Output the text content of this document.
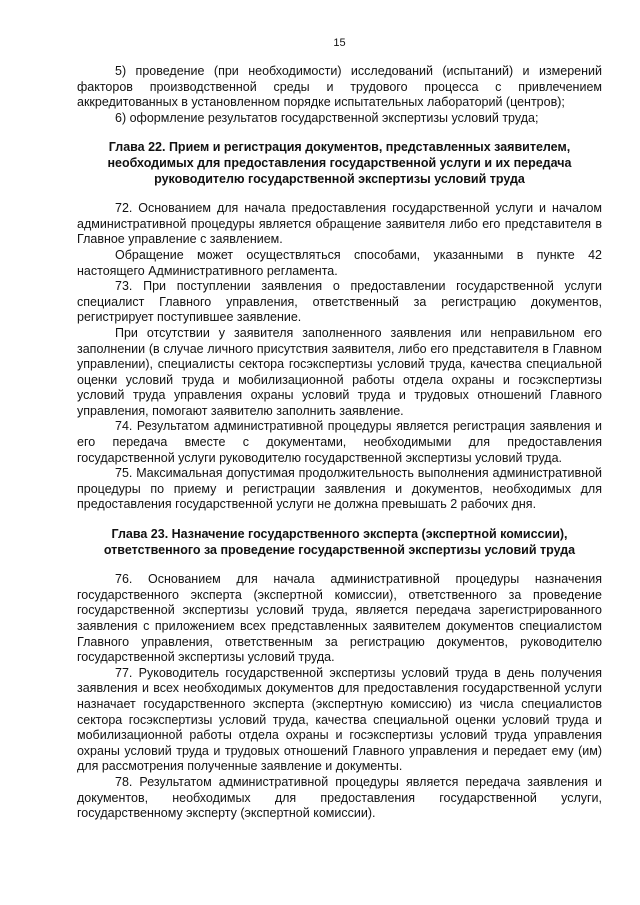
15

5) проведение (при необходимости) исследований (испытаний) и измерений факторов производственной среды и трудового процесса с привлечением аккредитованных в установленном порядке испытательных лабораторий (центров);

6) оформление результатов государственной экспертизы условий труда;

Глава 22. Прием и регистрация документов, представленных заявителем,
необходимых для предоставления государственной услуги и их передача
руководителю государственной экспертизы условий труда

72. Основанием для начала предоставления государственной услуги и началом административной процедуры является обращение заявителя либо его представителя в Главное управление с заявлением.

Обращение может осуществляться способами, указанными в пункте 42 настоящего Административного регламента.

73. При поступлении заявления о предоставлении государственной услуги специалист Главного управления, ответственный за регистрацию документов, регистрирует поступившее заявление.

При отсутствии у заявителя заполненного заявления или неправильном его заполнении (в случае личного присутствия заявителя, либо его представителя в Главном управлении), специалисты сектора госэкспертизы условий труда, качества специальной оценки условий труда и мобилизационной работы отдела охраны и госэкспертизы условий труда управления охраны условий труда и трудовых отношений Главного управления, помогают заявителю заполнить заявление.

74. Результатом административной процедуры является регистрация заявления и его передача вместе с документами, необходимыми для предоставления государственной услуги руководителю государственной экспертизы условий труда.

75. Максимальная допустимая продолжительность выполнения административной процедуры по приему и регистрации заявления и документов, необходимых для предоставления государственной услуги не должна превышать 2 рабочих дня.

Глава 23. Назначение государственного эксперта (экспертной комиссии),
ответственного за проведение государственной экспертизы условий труда

76. Основанием для начала административной процедуры назначения государственного эксперта (экспертной комиссии), ответственного за проведение государственной экспертизы условий труда, является передача зарегистрированного заявления с приложением всех представленных заявителем документов специалистом Главного управления, ответственным за регистрацию документов, руководителю государственной экспертизы условий труда.

77. Руководитель государственной экспертизы условий труда в день получения заявления и всех необходимых документов для предоставления государственной услуги назначает государственного эксперта (экспертную комиссию) из числа специалистов сектора госэкспертизы условий труда, качества специальной оценки условий труда и мобилизационной работы отдела охраны и госэкспертизы условий труда управления охраны условий труда и трудовых отношений Главного управления и передает ему (им) для рассмотрения полученные заявление и документы.

78. Результатом административной процедуры является передача заявления и документов, необходимых для предоставления государственной услуги, государственному эксперту (экспертной комиссии).
